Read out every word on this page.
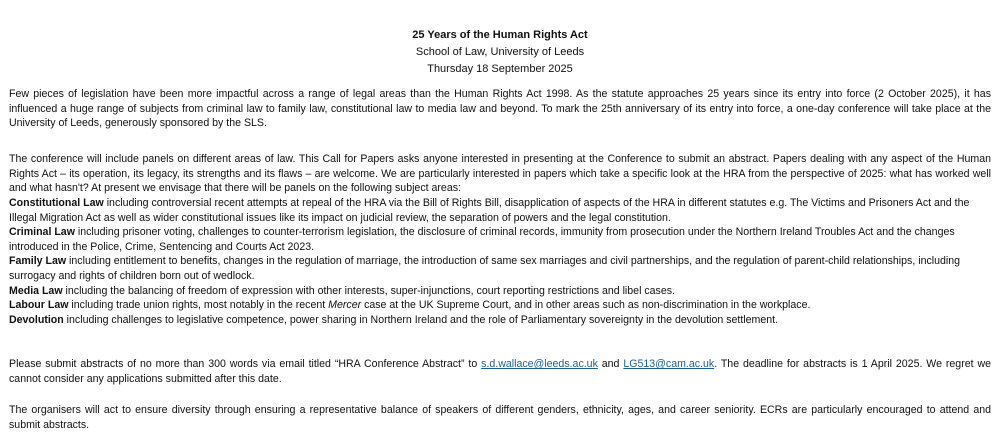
25 Years of the Human Rights Act
School of Law, University of Leeds
Thursday 18 September 2025
Few pieces of legislation have been more impactful across a range of legal areas than the Human Rights Act 1998. As the statute approaches 25 years since its entry into force (2 October 2025), it has influenced a huge range of subjects from criminal law to family law, constitutional law to media law and beyond. To mark the 25th anniversary of its entry into force, a one-day conference will take place at the University of Leeds, generously sponsored by the SLS.
The conference will include panels on different areas of law. This Call for Papers asks anyone interested in presenting at the Conference to submit an abstract. Papers dealing with any aspect of the Human Rights Act – its operation, its legacy, its strengths and its flaws – are welcome. We are particularly interested in papers which take a specific look at the HRA from the perspective of 2025: what has worked well and what hasn't? At present we envisage that there will be panels on the following subject areas:
Constitutional Law including controversial recent attempts at repeal of the HRA via the Bill of Rights Bill, disapplication of aspects of the HRA in different statutes e.g. The Victims and Prisoners Act and the Illegal Migration Act as well as wider constitutional issues like its impact on judicial review, the separation of powers and the legal constitution.
Criminal Law including prisoner voting, challenges to counter-terrorism legislation, the disclosure of criminal records, immunity from prosecution under the Northern Ireland Troubles Act and the changes introduced in the Police, Crime, Sentencing and Courts Act 2023.
Family Law including entitlement to benefits, changes in the regulation of marriage, the introduction of same sex marriages and civil partnerships, and the regulation of parent-child relationships, including surrogacy and rights of children born out of wedlock.
Media Law including the balancing of freedom of expression with other interests, super-injunctions, court reporting restrictions and libel cases.
Labour Law including trade union rights, most notably in the recent Mercer case at the UK Supreme Court, and in other areas such as non-discrimination in the workplace.
Devolution including challenges to legislative competence, power sharing in Northern Ireland and the role of Parliamentary sovereignty in the devolution settlement.
Please submit abstracts of no more than 300 words via email titled “HRA Conference Abstract” to s.d.wallace@leeds.ac.uk and LG513@cam.ac.uk. The deadline for abstracts is 1 April 2025. We regret we cannot consider any applications submitted after this date.
The organisers will act to ensure diversity through ensuring a representative balance of speakers of different genders, ethnicity, ages, and career seniority. ECRs are particularly encouraged to attend and submit abstracts.
